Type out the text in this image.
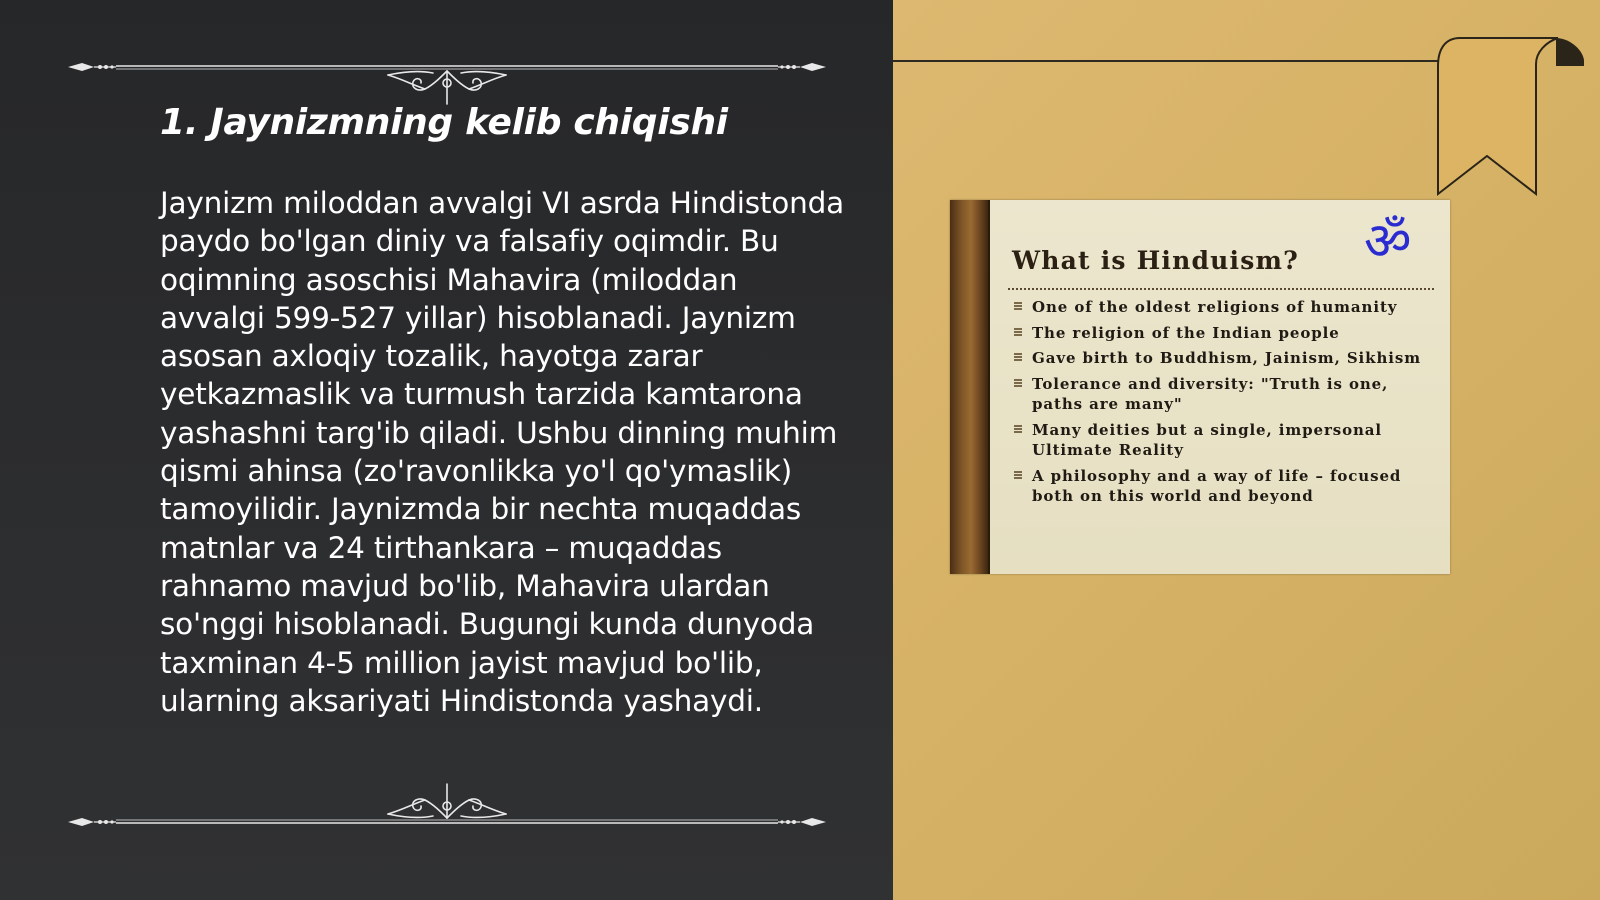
1. Jaynizmning kelib chiqishi

Jaynizm miloddan avvalgi VI asrda Hindistonda paydo bo'lgan diniy va falsafiy oqimdir. Bu oqimning asoschisi Mahavira (miloddan avvalgi 599-527 yillar) hisoblanadi. Jaynizm asosan axloqiy tozalik, hayotga zarar yetkazmaslik va turmush tarzida kamtarona yashashni targ'ib qiladi. Ushbu dinning muhim qismi ahinsa (zo'ravonlikka yo'l qo'ymaslik) tamoyilidir. Jaynizmda bir nechta muqaddas matnlar va 24 tirthankara – muqaddas rahnamo mavjud bo'lib, Mahavira ulardan so'nggi hisoblanadi. Bugungi kunda dunyoda taxminan 4-5 million jayist mavjud bo'lib, ularning aksariyati Hindistonda yashaydi.

What is Hinduism? ॐ
One of the oldest religions of humanity
The religion of the Indian people
Gave birth to Buddhism, Jainism, Sikhism
Tolerance and diversity: "Truth is one, paths are many"
Many deities but a single, impersonal Ultimate Reality
A philosophy and a way of life – focused both on this world and beyond
